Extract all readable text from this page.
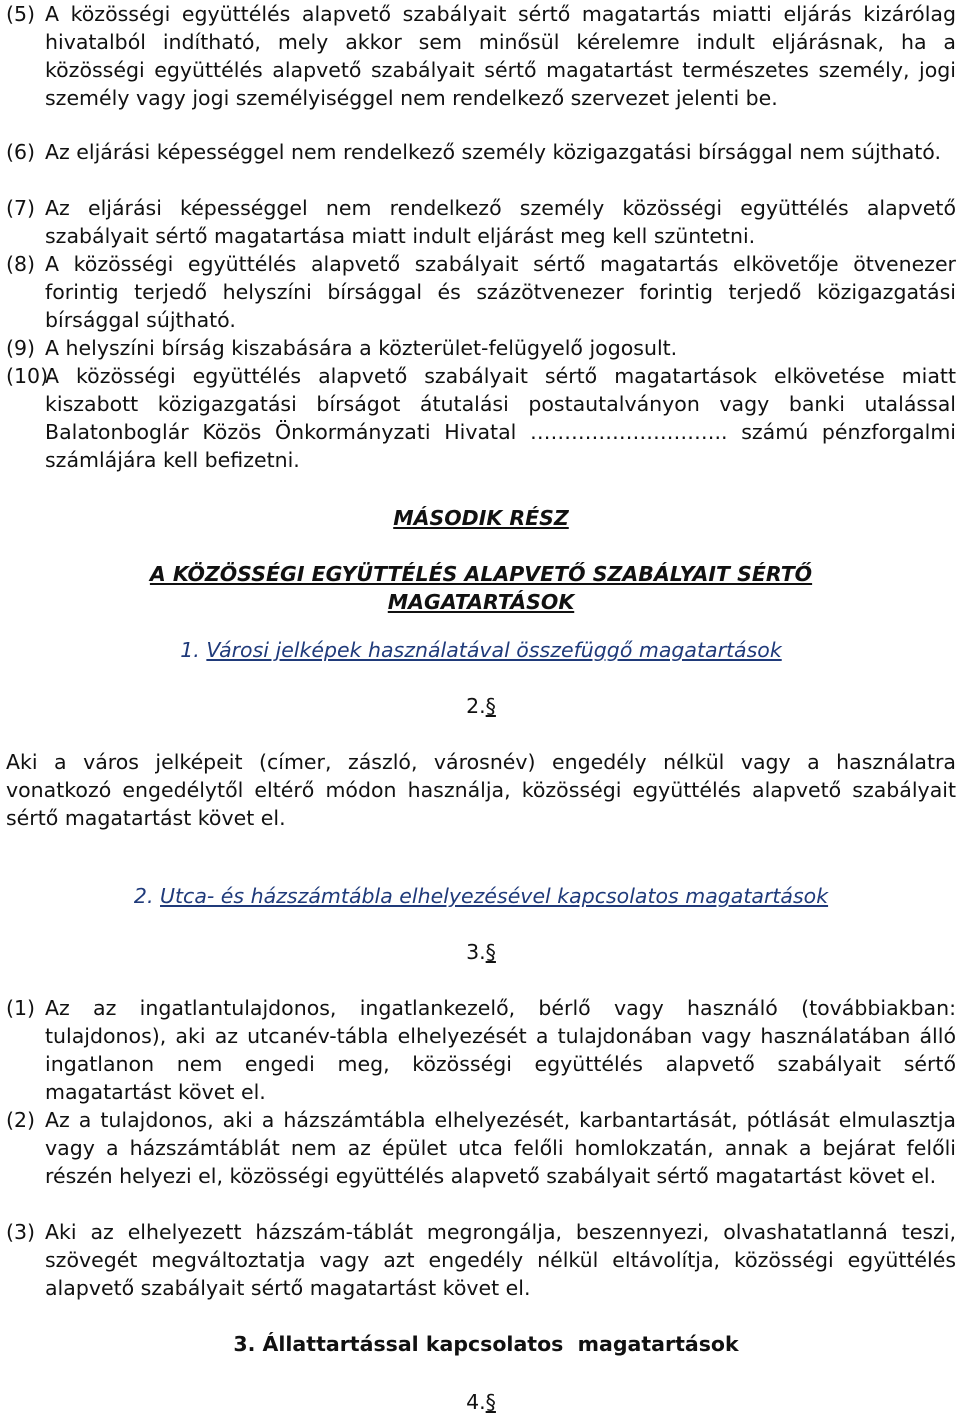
(5) A közösségi együttélés alapvető szabályait sértő magatartás miatti eljárás kizárólag hivatalból indítható, mely akkor sem minősül kérelemre indult eljárásnak, ha a közösségi együttélés alapvető szabályait sértő magatartást természetes személy, jogi személy vagy jogi személyiséggel nem rendelkező szervezet jelenti be.
(6) Az eljárási képességgel nem rendelkező személy közigazgatási bírsággal nem sújtható.
(7) Az eljárási képességgel nem rendelkező személy közösségi együttélés alapvető szabályait sértő magatartása miatt indult eljárást meg kell szüntetni.
(8) A közösségi együttélés alapvető szabályait sértő magatartás elkövetője ötvenezer forintig terjedő helyszíni bírsággal és százötvenezer forintig terjedő közigazgatási bírsággal sújtható.
(9) A helyszíni bírság kiszabására a közterület-felügyelő jogosult.
(10)
A közösségi együttélés alapvető szabályait sértő magatartások elkövetése miatt kiszabott közigazgatási bírságot átutalási postautalványon vagy banki utalással Balatonboglár Közös Önkormányzati Hivatal ……………………….. számú pénzforgalmi számlájára kell befizetni.
MÁSODIK RÉSZ
A KÖZÖSSÉGI EGYÜTTÉLÉS ALAPVETŐ SZABÁLYAIT SÉRTŐ
MAGATARTÁSOK
1. Városi jelképek használatával összefüggő magatartások
2.§
Aki a város jelképeit (címer, zászló, városnév) engedély nélkül vagy a használatra vonatkozó engedélytől eltérő módon használja, közösségi együttélés alapvető szabályait sértő magatartást követ el.
2. Utca- és házszámtábla elhelyezésével kapcsolatos magatartások
3.§
(1) Az az ingatlantulajdonos, ingatlankezelő, bérlő vagy használó (továbbiakban: tulajdonos), aki az utcanév-tábla elhelyezését a tulajdonában vagy használatában álló ingatlanon nem engedi meg, közösségi együttélés alapvető szabályait sértő magatartást követ el.
(2) Az a tulajdonos, aki a házszámtábla elhelyezését, karbantartását, pótlását elmulasztja vagy a házszámtáblát nem az épület utca felőli homlokzatán, annak a bejárat felőli részén helyezi el, közösségi együttélés alapvető szabályait sértő magatartást követ el.
(3) Aki az elhelyezett házszám-táblát megrongálja, beszennyezi, olvashatatlanná teszi, szövegét megváltoztatja vagy azt engedély nélkül eltávolítja, közösségi együttélés alapvető szabályait sértő magatartást követ el.
3. Állattartással kapcsolatos  magatartások
4.§
